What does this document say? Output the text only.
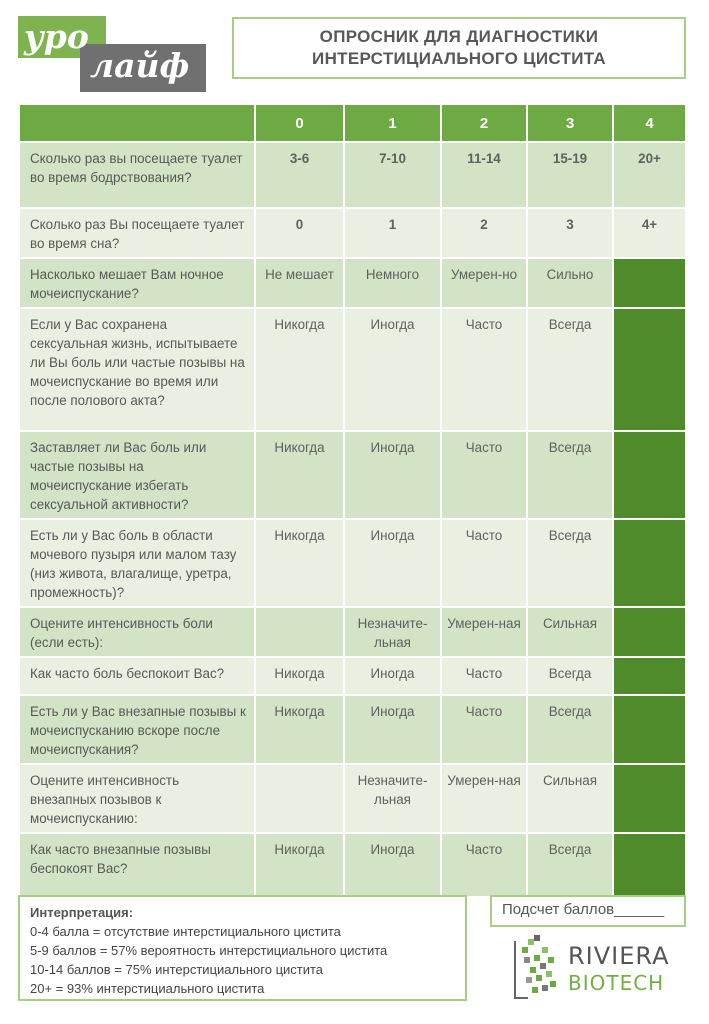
уро
лайф
ОПРОСНИК ДЛЯ ДИАГНОСТИКИ
ИНТЕРСТИЦИАЛЬНОГО ЦИСТИТА
	0	1	2	3	4
Сколько раз вы посещаете туалет во время бодрствования?	3-6	7-10	11-14	15-19	20+
Сколько раз Вы посещаете туалет во время сна?	0	1	2	3	4+
Насколько мешает Вам ночное мочеиспускание?	Не мешает	Немного	Умерен-но	Сильно	
Если у Вас сохранена сексуальная жизнь, испытываете ли Вы боль или частые позывы на мочеиспускание во время или после полового акта?	Никогда	Иногда	Часто	Всегда	
Заставляет ли Вас боль или частые позывы на мочеиспускание избегать сексуальной активности?	Никогда	Иногда	Часто	Всегда	
Есть ли у Вас боль в области мочевого пузыря или малом тазу (низ живота, влагалище, уретра, промежность)?	Никогда	Иногда	Часто	Всегда	
Оцените интенсивность боли (если есть):		Незначите-льная	Умерен-ная	Сильная	
Как часто боль беспокоит Вас?	Никогда	Иногда	Часто	Всегда	
Есть ли у Вас внезапные позывы к мочеиспусканию вскоре после мочеиспускания?	Никогда	Иногда	Часто	Всегда	
Оцените интенсивность внезапных позывов к мочеиспусканию:		Незначите-льная	Умерен-ная	Сильная	
Как часто внезапные позывы беспокоят Вас?	Никогда	Иногда	Часто	Всегда	
Интерпретация:
0-4 балла = отсутствие интерстициального цистита
5-9 баллов = 57% вероятность интерстициального цистита
10-14 баллов = 75% интерстициального цистита
20+ = 93% интерстициального цистита
Подсчет баллов______
RIVIERA
BIOTECH
